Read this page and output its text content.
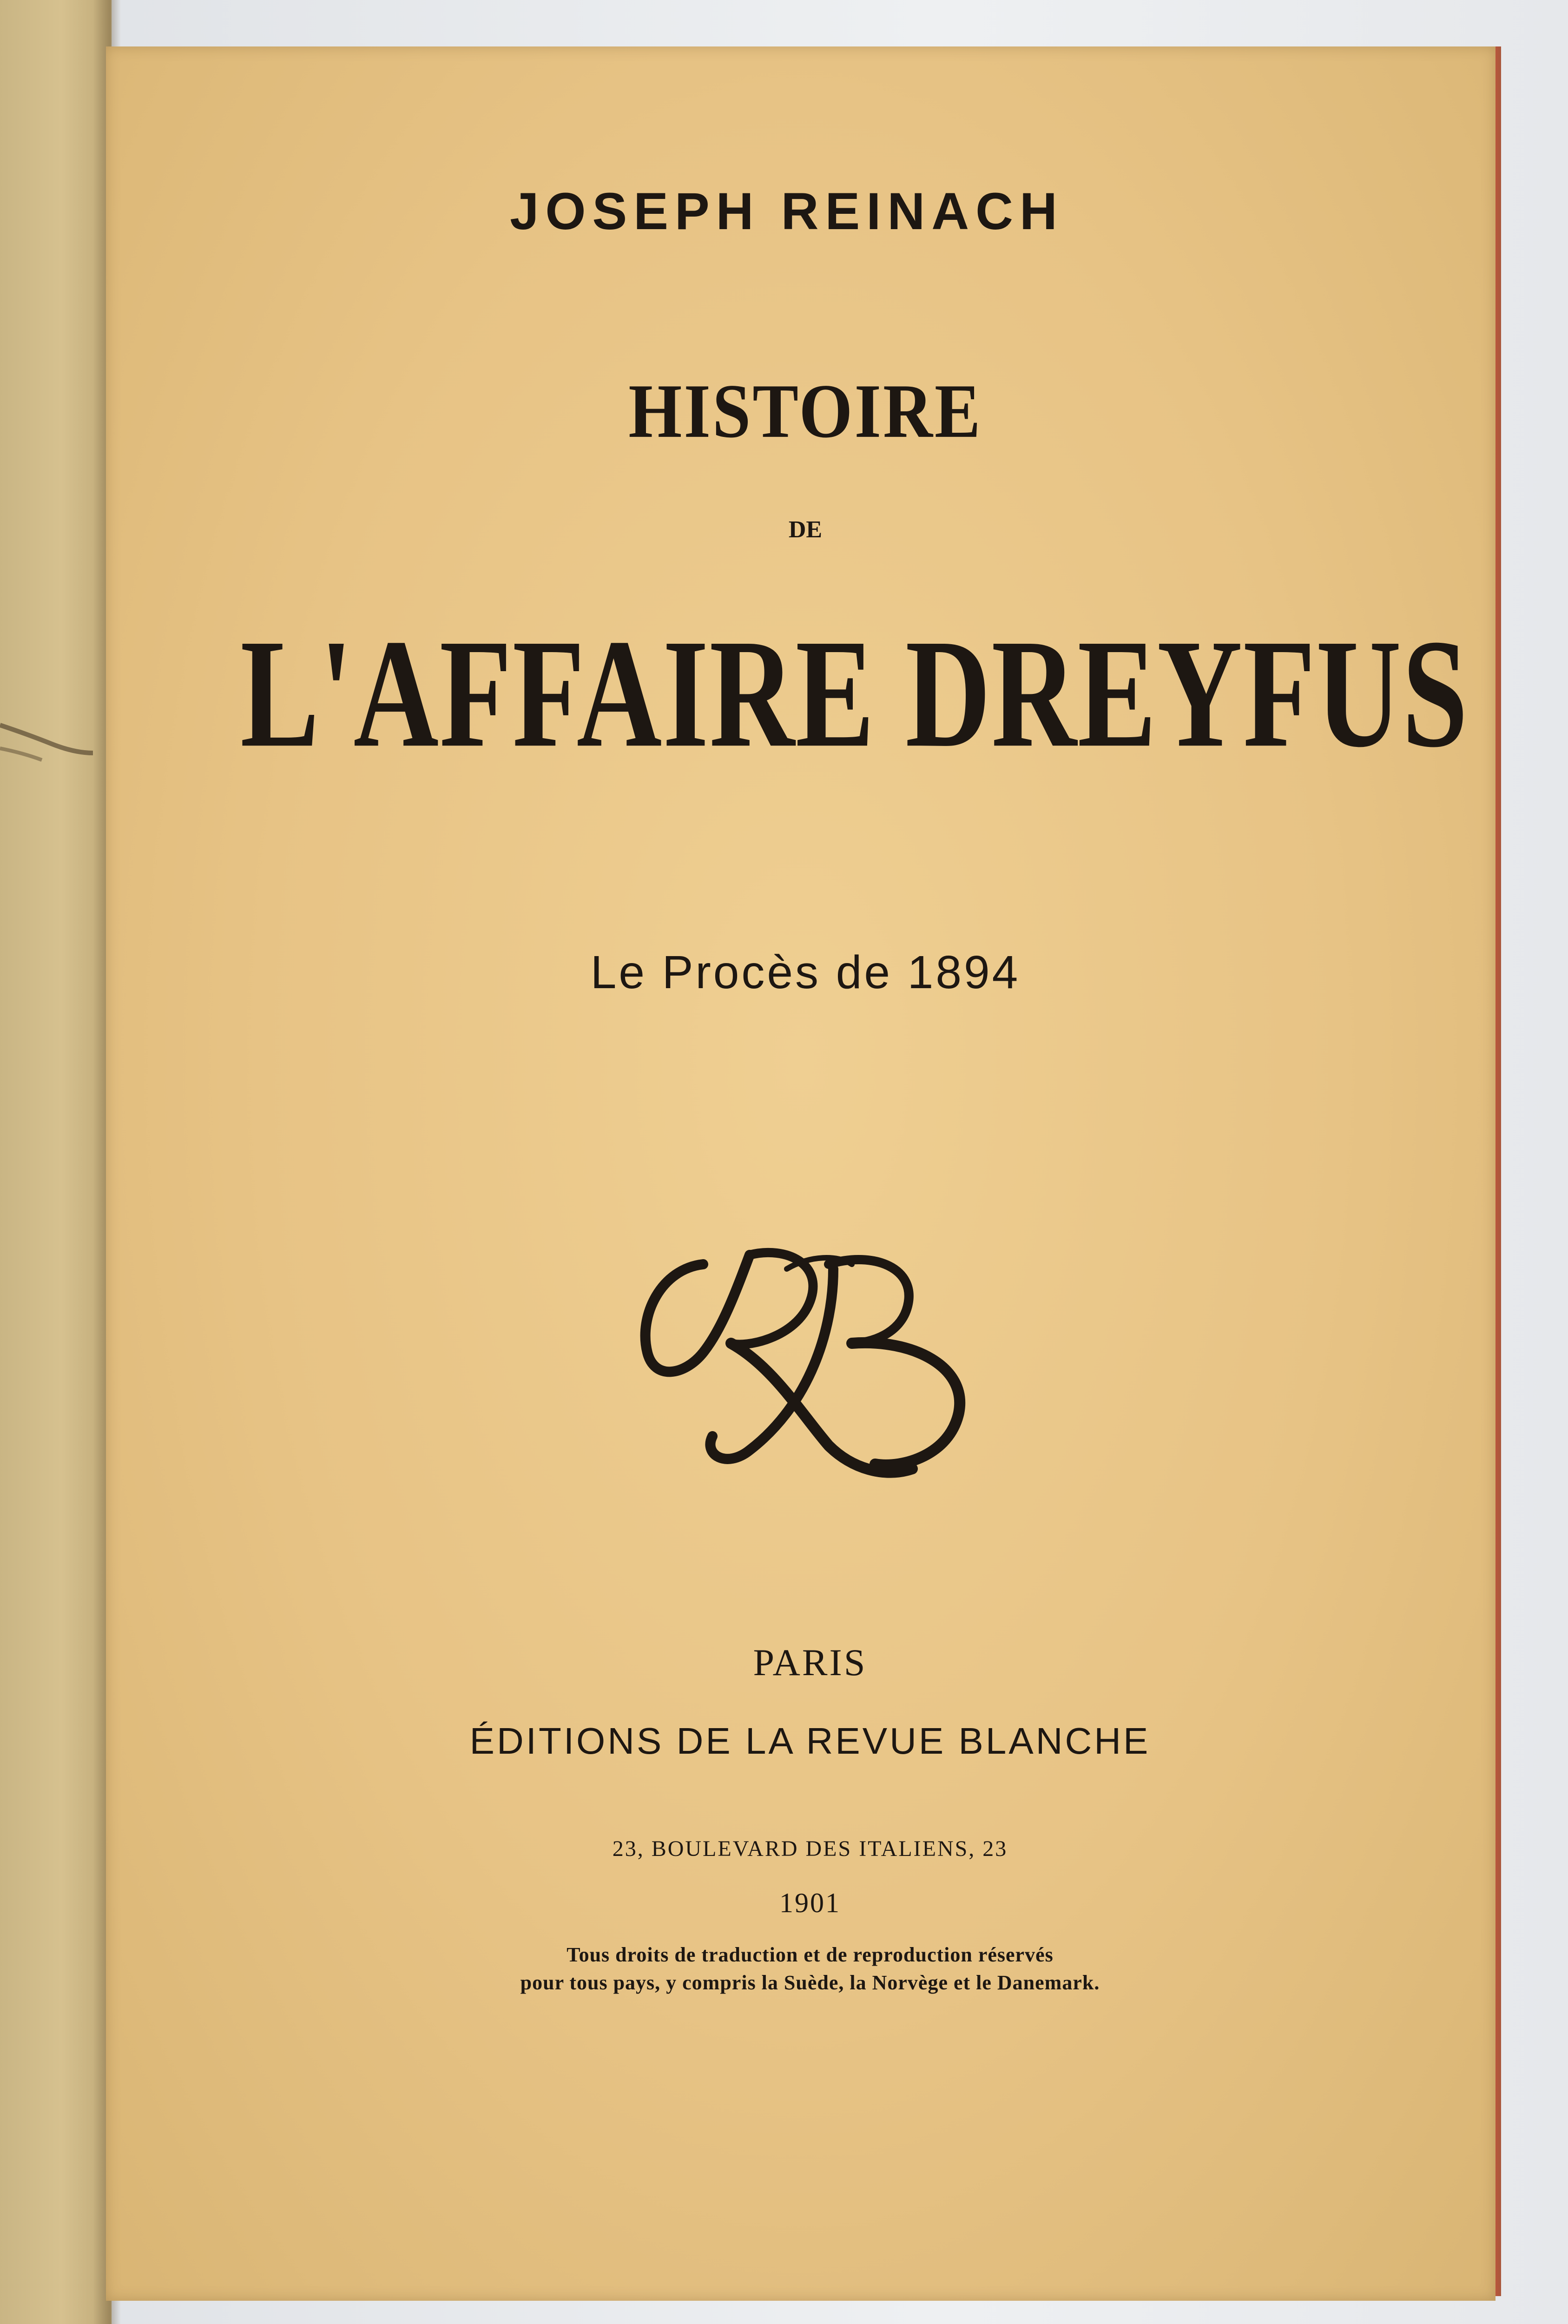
JOSEPH REINACH
HISTOIRE
DE
L'AFFAIRE DREYFUS
Le Procès de 1894
PARIS
ÉDITIONS DE LA REVUE BLANCHE
23, BOULEVARD DES ITALIENS, 23
1901
Tous droits de traduction et de reproduction réservés
pour tous pays, y compris la Suède, la Norvège et le Danemark.
